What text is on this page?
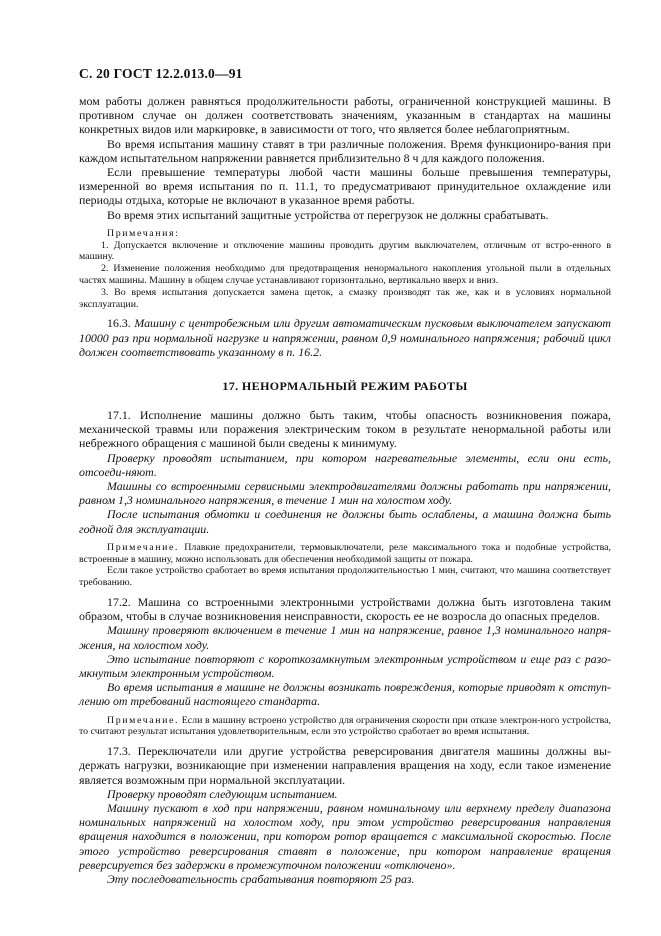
С. 20 ГОСТ 12.2.013.0—91

мом работы должен равняться продолжительности работы, ограниченной конструкцией машины. В противном случае он должен соответствовать значениям, указанным в стандартах на машины конкретных видов или маркировке, в зависимости от того, что является более неблагоприятным.

Во время испытания машину ставят в три различные положения. Время функциониро-вания при каждом испытательном напряжении равняется приблизительно 8 ч для каждого положения.

Если превышение температуры любой части машины больше превышения температуры, измеренной во время испытания по п. 11.1, то предусматривают принудительное охлаждение или периоды отдыха, которые не включают в указанное время работы.

Во время этих испытаний защитные устройства от перегрузок не должны срабатывать.

Примечания:

1. Допускается включение и отключение машины проводить другим выключателем, отличным от встро-енного в машину.

2. Изменение положения необходимо для предотвращения ненормального накопления угольной пыли в отдельных частях машины. Машину в общем случае устанавливают горизонтально, вертикально вверх и вниз.

3. Во время испытания допускается замена щеток, а смазку производят так же, как и в условиях нормальной эксплуатации.

16.3. Машину с центробежным или другим автоматическим пусковым выключателем запускают 10000 раз при нормальной нагрузке и напряжении, равном 0,9 номинального напряжения; рабочий цикл должен соответствовать указанному в п. 16.2.

17. НЕНОРМАЛЬНЫЙ РЕЖИМ РАБОТЫ

17.1. Исполнение машины должно быть таким, чтобы опасность возникновения пожара, механической травмы или поражения электрическим током в результате ненормальной работы или небрежного обращения с машиной были сведены к минимуму.

Проверку проводят испытанием, при котором нагревательные элементы, если они есть, отсоеди-няют.

Машины со встроенными сервисными электродвигателями должны работать при напряжении, равном 1,3 номинального напряжения, в течение 1 мин на холостом ходу.

После испытания обмотки и соединения не должны быть ослаблены, а машина должна быть годной для эксплуатации.

Примечание. Плавкие предохранители, термовыключатели, реле максимального тока и подобные устройства, встроенные в машину, можно использовать для обеспечения необходимой защиты от пожара.

Если такое устройство сработает во время испытания продолжительностью 1 мин, считают, что машина соответствует требованию.

17.2. Машина со встроенными электронными устройствами должна быть изготовлена таким образом, чтобы в случае возникновения неисправности, скорость ее не возросла до опасных пределов.

Машину проверяют включением в течение 1 мин на напряжение, равное 1,3 номинального напря-жения, на холостом ходу.

Это испытание повторяют с короткозамкнутым электронным устройством и еще раз с разо-мкнутым электронным устройством.

Во время испытания в машине не должны возникать повреждения, которые приводят к отступ-лению от требований настоящего стандарта.

Примечание. Если в машину встроено устройство для ограничения скорости при отказе электрон-ного устройства, то считают результат испытания удовлетворительным, если это устройство сработает во время испытания.

17.3. Переключатели или другие устройства реверсирования двигателя машины должны вы-держать нагрузки, возникающие при изменении направления вращения на ходу, если такое изменение является возможным при нормальной эксплуатации.

Проверку проводят следующим испытанием.

Машину пускают в ход при напряжении, равном номинальному или верхнему пределу диапазона номинальных напряжений на холостом ходу, при этом устройство реверсирования направления вращения находится в положении, при котором ротор вращается с максимальной скоростью. После этого устройство реверсирования ставят в положение, при котором направление вращения реверсируется без задержки в промежуточном положении «отключено».

Эту последовательность срабатывания повторяют 25 раз.
